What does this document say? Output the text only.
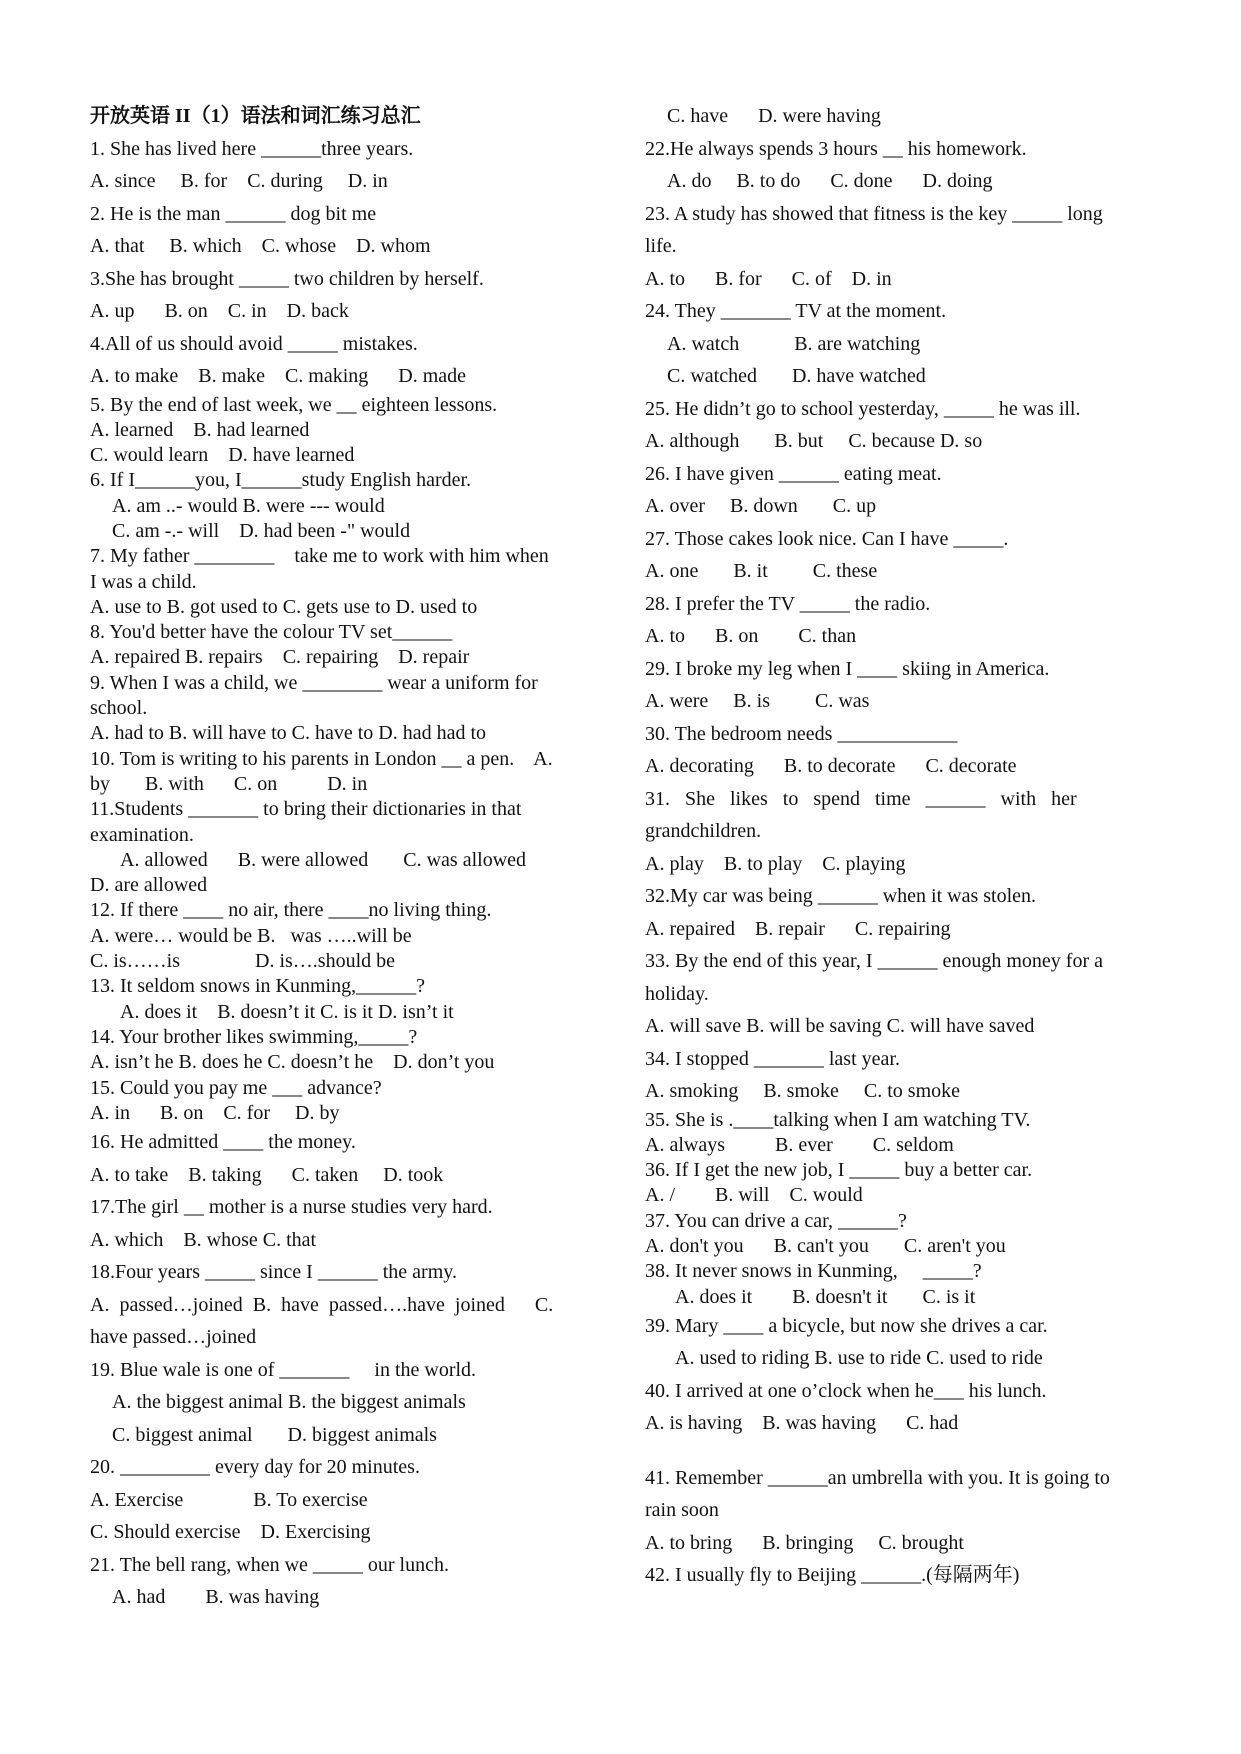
开放英语 II（1）语法和词汇练习总汇
1. She has lived here ______three years.
A. since     B. for    C. during     D. in
2. He is the man ______ dog bit me
A. that     B. which    C. whose    D. whom
3.She has brought _____ two children by herself.
A. up      B. on    C. in    D. back
4.All of us should avoid _____ mistakes.
A. to make    B. make    C. making      D. made
5. By the end of last week, we __ eighteen lessons.
A. learned    B. had learned
C. would learn    D. have learned
6. If I______you, I______study English harder.
A. am ..- would B. were --- would
C. am -.- will    D. had been -" would
7. My father ________    take me to work with him when
I was a child.
A. use to B. got used to C. gets use to D. used to
8. You'd better have the colour TV set______
A. repaired B. repairs    C. repairing    D. repair
9. When I was a child, we ________ wear a uniform for
school.
A. had to B. will have to C. have to D. had had to
10. Tom is writing to his parents in London __ a pen.    A.
by       B. with      C. on          D. in
11.Students _______ to bring their dictionaries in that
examination.
A. allowed      B. were allowed       C. was allowed
D. are allowed
12. If there ____ no air, there ____no living thing.
A. were… would be B.   was …..will be
C. is……is               D. is….should be
13. It seldom snows in Kunming,______?
A. does it    B. doesn’t it C. is it D. isn’t it
14. Your brother likes swimming,_____?
A. isn’t he B. does he C. doesn’t he    D. don’t you
15. Could you pay me ___ advance?
A. in      B. on    C. for     D. by
16. He admitted ____ the money.
A. to take    B. taking      C. taken     D. took
17.The girl __ mother is a nurse studies very hard.
A. which    B. whose C. that
18.Four years _____ since I ______ the army.
A.  passed…joined  B.  have  passed….have  joined      C.
have passed…joined
19. Blue wale is one of _______     in the world.
A. the biggest animal B. the biggest animals
C. biggest animal       D. biggest animals
20. _________ every day for 20 minutes.
A. Exercise              B. To exercise
C. Should exercise    D. Exercising
21. The bell rang, when we _____ our lunch.
A. had        B. was having
C. have      D. were having
22.He always spends 3 hours __ his homework.
A. do     B. to do      C. done      D. doing
23. A study has showed that fitness is the key _____ long
life.
A. to      B. for      C. of    D. in
24. They _______ TV at the moment.
A. watch           B. are watching
C. watched       D. have watched
25. He didn’t go to school yesterday, _____ he was ill.
A. although       B. but     C. because D. so
26. I have given ______ eating meat.
A. over     B. down       C. up
27. Those cakes look nice. Can I have _____.
A. one       B. it         C. these
28. I prefer the TV _____ the radio.
A. to      B. on        C. than
29. I broke my leg when I ____ skiing in America.
A. were     B. is         C. was
30. The bedroom needs ____________
A. decorating      B. to decorate      C. decorate
31.   She   likes   to   spend   time   ______   with   her
grandchildren.
A. play    B. to play    C. playing
32.My car was being ______ when it was stolen.
A. repaired    B. repair      C. repairing
33. By the end of this year, I ______ enough money for a
holiday.
A. will save B. will be saving C. will have saved
34. I stopped _______ last year.
A. smoking     B. smoke     C. to smoke
35. She is .____talking when I am watching TV.
A. always          B. ever        C. seldom
36. If I get the new job, I _____ buy a better car.
A. /        B. will    C. would
37. You can drive a car, ______?
A. don't you      B. can't you       C. aren't you
38. It never snows in Kunming,     _____?
A. does it        B. doesn't it       C. is it
39. Mary ____ a bicycle, but now she drives a car.
A. used to riding B. use to ride C. used to ride
40. I arrived at one o’clock when he___ his lunch.
A. is having    B. was having      C. had
41. Remember ______an umbrella with you. It is going to
rain soon
A. to bring      B. bringing     C. brought
42. I usually fly to Beijing ______.(每隔两年)
